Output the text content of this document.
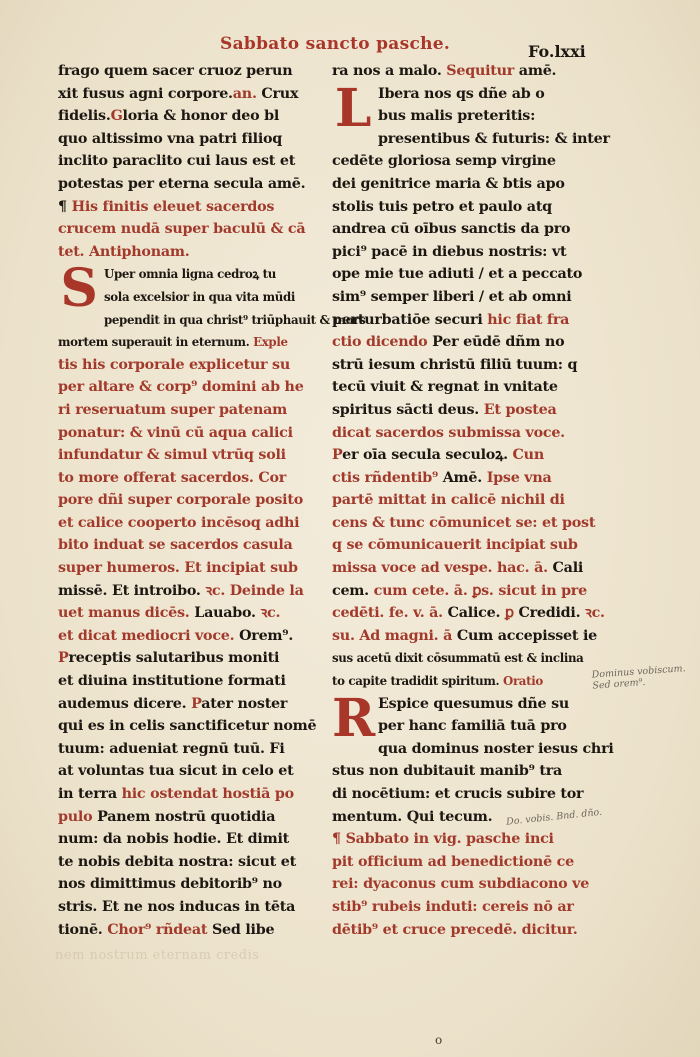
Sabbato sancto pasche.	Fo.lxxi
frago quem sacer cruoz perun
xit fusus agni corpore.an. Crux
fidelis.Gloria & honor deo bl
quo altissimo vna patri filioq
inclito paraclito cui laus est et
potestas per eterna secula amē.
¶ His finitis eleuet sacerdos
crucem nudā super baculū & cā
tet. Antiphonam.
S Uper omnia ligna cedroꝝ tu
sola excelsior in qua vita mūdi
pependit in qua christ⁹ triūphauit & mors
mortem superauit in eternum. Exple
tis his corporale explicetur su
per altare & corp⁹ domini ab he
ri reseruatum super patenam
ponatur: & vinū cū aqua calici
infundatur & simul vtrūq soli
to more offerat sacerdos. Cor
pore dñi super corporale posito
et calice cooperto incēsoq adhi
bito induat se sacerdos casula
super humeros. Et incipiat sub
missē. Et introibo. ꝛc. Deinde la
uet manus dicēs. Lauabo. ꝛc.
et dicat mediocri voce. Orem⁹.
Preceptis salutaribus moniti
et diuina institutione formati
audemus dicere. Pater noster
qui es in celis sanctificetur nomē
tuum: adueniat regnū tuū. Fi
at voluntas tua sicut in celo et
in terra hic ostendat hostiā po
pulo Panem nostrū quotidia
num: da nobis hodie. Et dimit
te nobis debita nostra: sicut et
nos dimittimus debitorib⁹ no
stris. Et ne nos inducas in tēta
tionē. Chor⁹ rñdeat Sed libe
ra nos a malo. Sequitur amē.
L Ibera nos qs dñe ab o
bus malis preteritis:
presentibus & futuris: & inter
cedēte gloriosa semp virgine
dei genitrice maria & btis apo
stolis tuis petro et paulo atq
andrea cū oībus sanctis da pro
pici⁹ pacē in diebus nostris: vt
ope mie tue adiuti / et a peccato
sim⁹ semper liberi / et ab omni
perturbatiōe securi hic fiat fra
ctio dicendo Per eūdē dñm no
strū iesum christū filiū tuum: q
tecū viuit & regnat in vnitate
spiritus sācti deus. Et postea
dicat sacerdos submissa voce.
Per oīa secula seculoꝝ. Cun
ctis rñdentib⁹ Amē. Ipse vna
partē mittat in calicē nichil di
cens & tunc cōmunicet se: et post
q se cōmunicauerit incipiat sub
missa voce ad vespe. hac. ā. Cali
cem. cum cete. ā. ꝑs. sicut in pre
cedēti. fe. v. ā. Calice. ꝑ Credidi. ꝛc.
su. Ad magni. ā Cum accepisset ie
sus acetū dixit cōsummatū est & inclina
to capite tradidit spiritum. Oratio
R Espice quesumus dñe su
per hanc familiā tuā pro
qua dominus noster iesus chri
stus non dubitauit manib⁹ tra
di nocētium: et crucis subire tor
mentum. Qui tecum.
¶ Sabbato in vig. pasche inci
pit officium ad benedictionē ce
rei: dyaconus cum subdiacono ve
stib⁹ rubeis induti: cereis nō ar
dētib⁹ et cruce precedē. dicitur.
Dominus vobiscum. Sed orem⁹.
Do. vobis. Bnd. dño.
nem nostrum eternam credis
o
